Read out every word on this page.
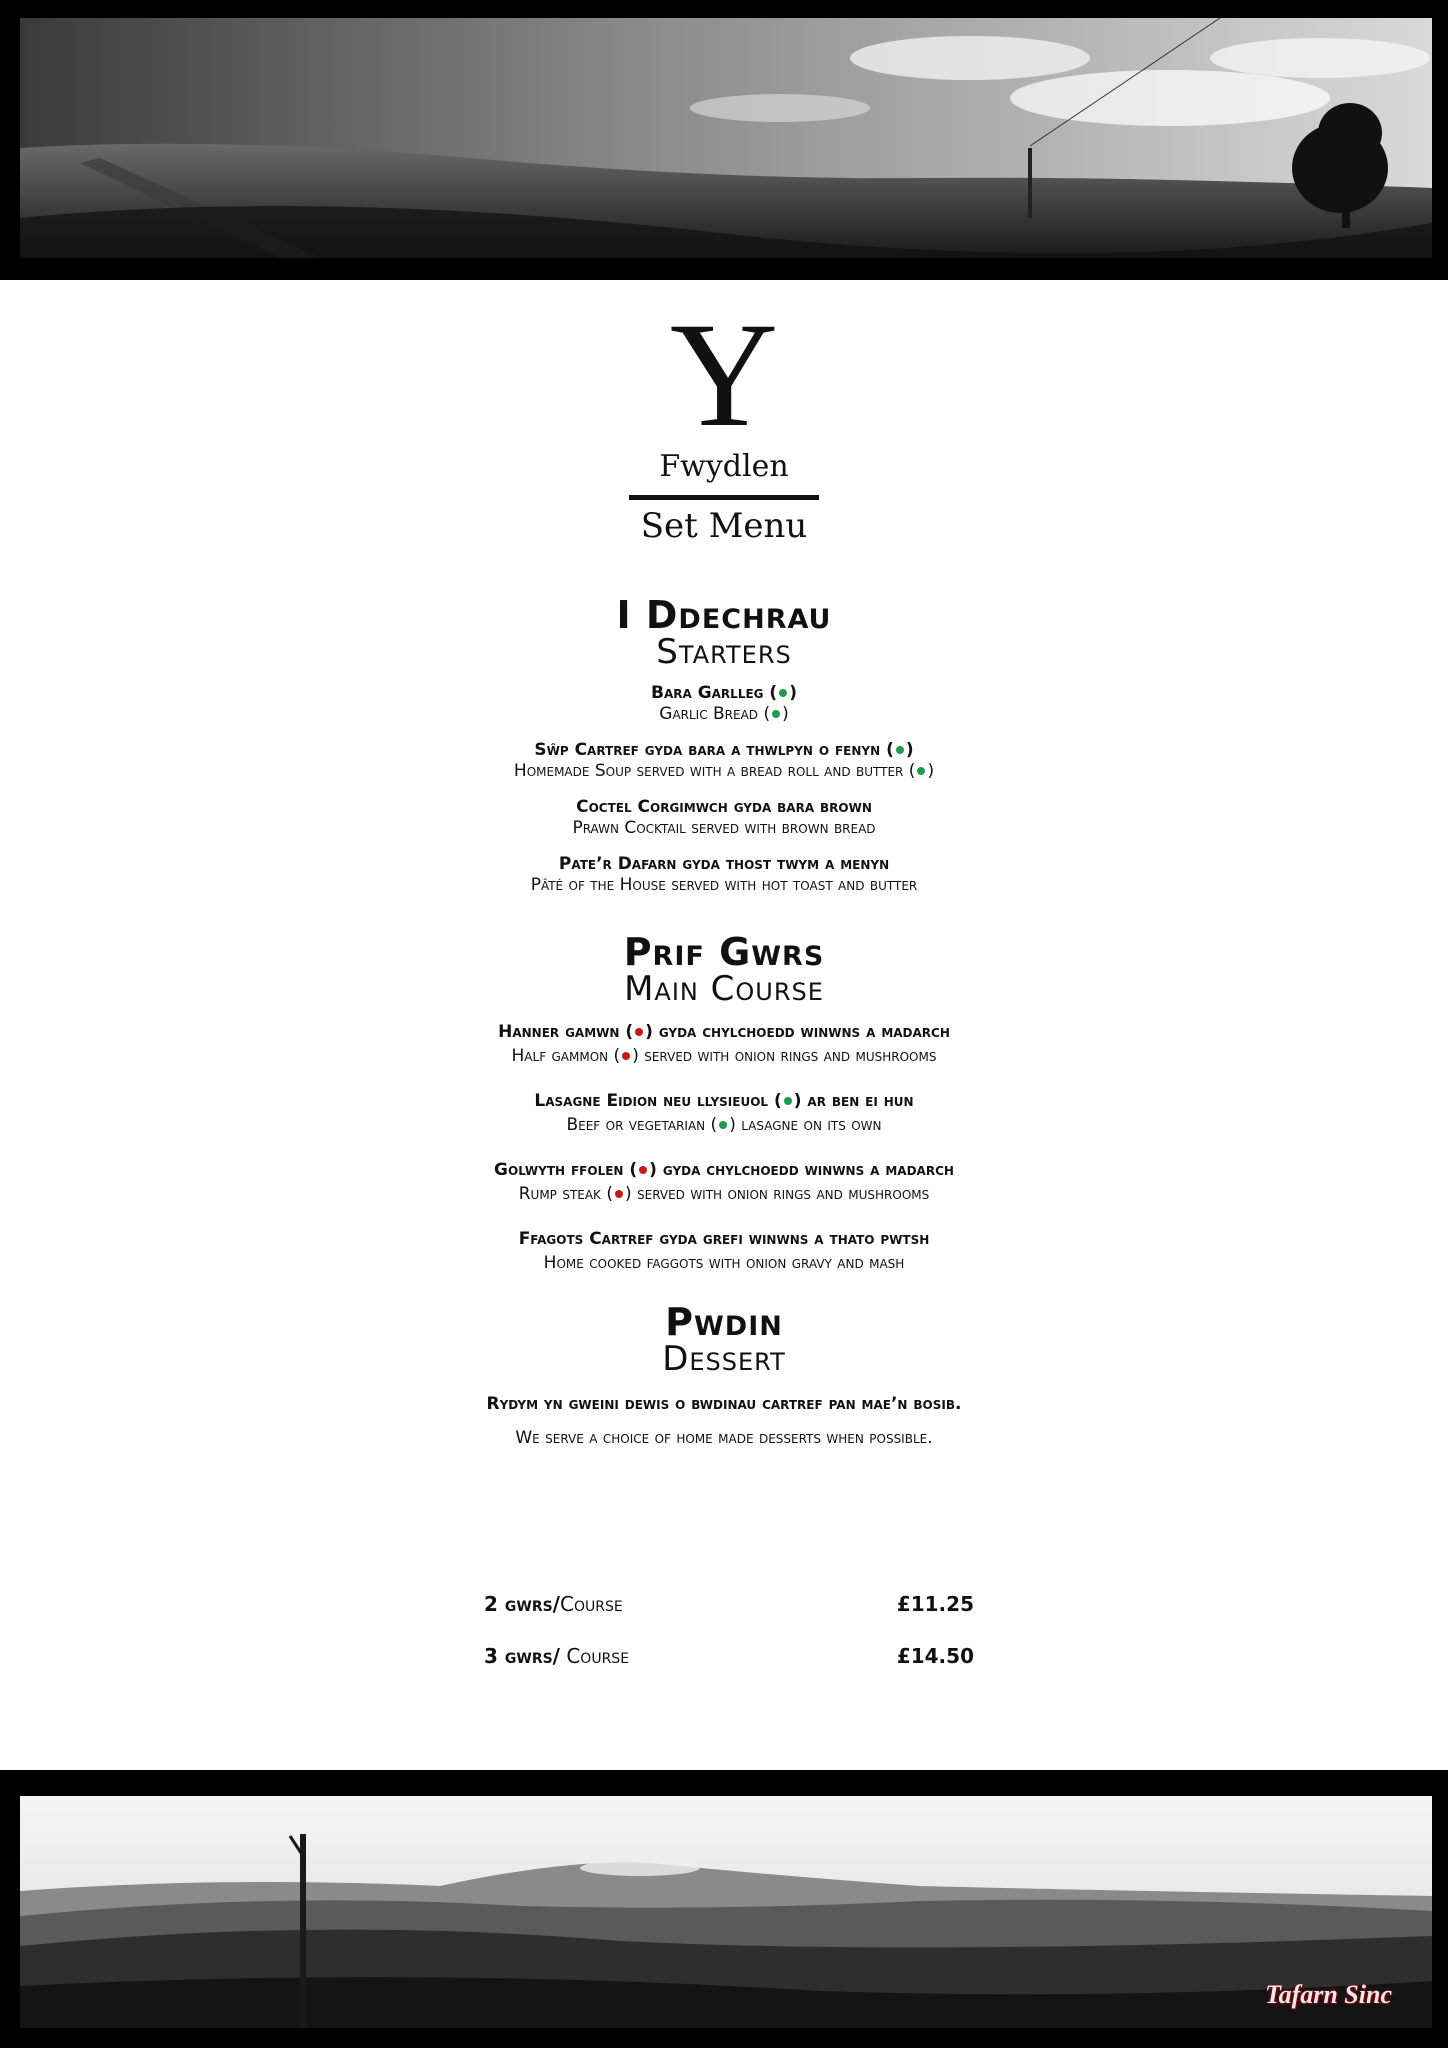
Y
Fwydlen
Set Menu
I Ddechrau
Starters
Bara Garlleg ( )
Garlic Bread ( )
Sŵp Cartref gyda bara a thwlpyn o fenyn ( )
Homemade Soup served with a bread roll and butter ( )
Coctel Corgimwch gyda bara brown
Prawn Cocktail served with brown bread
Pate’r Dafarn gyda thost twym a menyn
Pâté of the House served with hot toast and butter
Prif Gwrs
Main Course
Hanner gamwn ( ) gyda chylchoedd winwns a madarch
Half gammon ( ) served with onion rings and mushrooms
Lasagne Eidion neu llysieuol ( ) ar ben ei hun
Beef or vegetarian ( ) lasagne on its own
Golwyth ffolen ( ) gyda chylchoedd winwns a madarch
Rump steak ( ) served with onion rings and mushrooms
Ffagots Cartref gyda grefi winwns a thato pwtsh
Home cooked faggots with onion gravy and mash
Pwdin
Dessert
Rydym yn gweini dewis o bwdinau cartref pan mae’n bosib.
We serve a choice of home made desserts when possible.
2 gwrs/Course	£11.25
3 gwrs/ Course	£14.50
Tafarn Sinc
